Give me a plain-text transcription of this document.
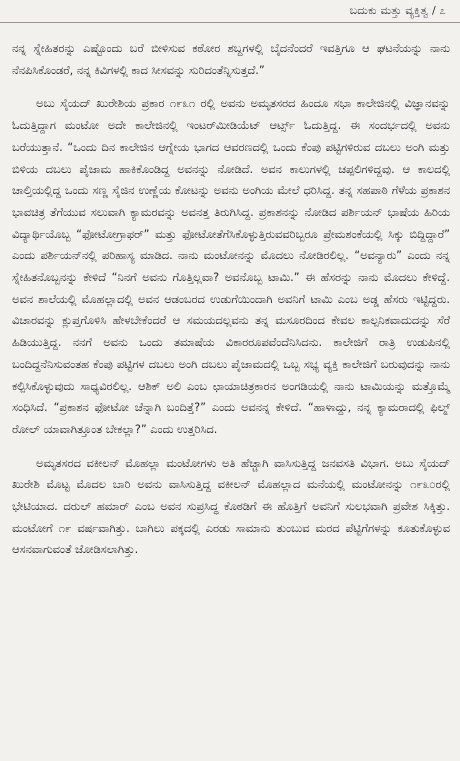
ಬದುಕು ಮತ್ತು ವ್ಯಕ್ತಿತ್ವ / ೭

ನನ್ನ ಸ್ನೇಹಿತರನ್ನು ಎಷ್ಟೊಂದು ಬರೆ ಬೀಳಿಸುವ ಕಠೋರ ಶಬ್ದಗಳಲ್ಲಿ ಬೈದನೆಂದರೆ ಇವತ್ತಿಗೂ ಆ ಘಟನೆಯನ್ನು ನಾನು ನೆನಪಿಸಿಕೊಂಡರೆ, ನನ್ನ ಕಿವಿಗಳಲ್ಲಿ ಕಾದ ಸೀಸವನ್ನು ಸುರಿದಂತೆನ್ನಿಸುತ್ತದೆ.”

ಅಬು ಸೈಯದ್ ಖುರೇಶಿಯ ಪ್ರಕಾರ ೧೯೩೧ ರಲ್ಲಿ ಅವನು ಅಮೃತಸರದ ಹಿಂದೂ ಸಭಾ ಕಾಲೇಜಿನಲ್ಲಿ ವಿಜ್ಞಾನವನ್ನು ಓದುತ್ತಿದ್ದಾಗ ಮಂಟೋ ಅದೇ ಕಾಲೇಜಿನಲ್ಲಿ ಇಂಟರ್‌ಮೀಡಿಯೆಟ್ ಆರ್ಟ್ಸ್ ಓದುತ್ತಿದ್ದ. ಈ ಸಂದರ್ಭದಲ್ಲಿ ಅವನು ಬರೆಯುತ್ತಾನೆ. “ಒಂದು ದಿನ ಕಾಲೇಜಿನ ಆಗ್ನೇಯ ಭಾಗದ ಆವರಣದಲ್ಲಿ ಒಂದು ಕೆಂಪು ಪಟ್ಟಿಗಳಿರುವ ದಬಲು ಅಂಗಿ ಮತ್ತು ಬಿಳಿಯ ದಬಲು ಪೈಜಾಮ ಹಾಕಿಕೊಂಡಿದ್ದ ಅವನನ್ನು ನೋಡಿದೆ. ಅವನ ಕಾಲುಗಳಲ್ಲಿ ಚಪ್ಪಲಿಗಳಿದ್ದವು. ಆ ಕಾಲದಲ್ಲಿ ಚಾಲ್ತಿಯಲ್ಲಿದ್ದ ಒಂದು ಸಣ್ಣ ಸೈಜಿನ ಉಣ್ಣೆಯ ಕೋಟನ್ನು ಅವನು ಅಂಗಿಯ ಮೇಲೆ ಧರಿಸಿದ್ದ. ತನ್ನ ಸಹಪಾಠಿ ಗೆಳೆಯ ಪ್ರಕಾಶನ ಭಾವಚಿತ್ರ ತೆಗೆಯುವ ಸಲುವಾಗಿ ಕ್ಯಾಮರವನ್ನು ಅವನತ್ತ ತಿರುಗಿಸಿದ್ದ. ಪ್ರಕಾಶನನ್ನು ನೋಡಿದ ಪರ್ಶಿಯನ್ ಭಾಷೆಯ ಹಿರಿಯ ವಿದ್ಯಾರ್ಥಿಯೊಬ್ಬ “ಫೋಟೋಗ್ರಾಫರ್” ಮತ್ತು ಫೋಟೋತೆಗೆಸಿಕೊಳ್ಳುತ್ತಿರುವವರಿಬ್ಬರೂ ಪ್ರೇಮಶಂಕೆಯಲ್ಲಿ ಸಿಕ್ಕು ಬಿದ್ದಿದ್ದಾರೆ” ಎಂದು ಪರ್ಶಿಯನ್‌ನಲ್ಲಿ ಪರಿಹಾಸ್ಯ ಮಾಡಿದ. ನಾನು ಮಂಟೋನನ್ನು ಮೊದಲು ನೋಡಿರಲಿಲ್ಲ. “ಅವನ್ಯಾರು” ಎಂದು ನನ್ನ ಸ್ನೇಹಿತನೊಬ್ಬನನ್ನು ಕೇಳಿದೆ “ನಿನಗೆ ಅವನು ಗೊತ್ತಿಲ್ಲವಾ? ಅವನೊಬ್ಬ ಟಾಮಿ.” ಈ ಹೆಸರನ್ನು ನಾನು ಮೊದಲು ಕೇಳಿದ್ದೆ. ಅವನ ಶಾಲೆಯಲ್ಲಿ ಮೊಹಲ್ಲಾದಲ್ಲಿ ಅವನ ಆಡಂಬರದ ಉಡುಗೆಯಿಂದಾಗಿ ಅವನಿಗೆ ಟಾಮಿ ಎಂಬ ಅಡ್ಡ ಹೆಸರು ಇಟ್ಟಿದ್ದರು. ವಿಚಾರವನ್ನು ಕ್ಲುಪ್ತಗೊಳಿಸಿ ಹೇಳಬೇಕೆಂದರೆ ಆ ಸಮಯದಲ್ಲವನು ತನ್ನ ಮಸೂರದಿಂದ ಕೇವಲ ಕಾಲ್ಪನಿಕವಾದುದನ್ನು ಸೆರೆ ಹಿಡಿಯುತ್ತಿದ್ದ. ನನಗೆ ಅವನು ಒಂದು ತಮಾಷೆಯ ವಿಕಾರರೂಪವೆಂದೆನಿಸಿದನು. ಕಾಲೇಜಿಗೆ ರಾತ್ರಿ ಉಡುಪಿನಲ್ಲಿ ಬಂದಿದ್ದನೆನಿಸುವಂತಹ ಕೆಂಪು ಪಟ್ಟಿಗಳ ದಬಲು ಅಂಗಿ ದಬಲು ಪೈಜಾಮದಲ್ಲಿ ಒಬ್ಬ ಸಭ್ಯ ವ್ಯಕ್ತಿ ಕಾಲೇಜಿಗೆ ಬರುವುದನ್ನು ನಾನು ಕಲ್ಪಿಸಿಕೊಳ್ಳುವುದು ಸಾಧ್ಯವಿರಲಿಲ್ಲ. ಆಶಿಕ್ ಅಲಿ ಎಂಬ ಛಾಯಾಚಿತ್ರಕಾರನ ಅಂಗಡಿಯಲ್ಲಿ ನಾನು ಟಾಮಿಯನ್ನು ಮತ್ತೊಮ್ಮೆ ಸಂಧಿಸಿದೆ. “ಪ್ರಕಾಶನ ಫೋಟೋ ಚೆನ್ನಾಗಿ ಬಂದಿತ್ತೆ?” ಎಂದು ಅವನನ್ನ ಕೇಳಿದೆ. “ಹಾಳಾದ್ದು, ನನ್ನ ಕ್ಯಾಮರಾದಲ್ಲಿ ಫಿಲ್ಮ್ ರೋಲ್ ಯಾವಾಗಿತ್ತೂಂತ ಬೇಕಲ್ಲಾ?” ಎಂದು ಉತ್ತರಿಸಿದ.

ಅಮೃತಸರದ ವಕೀಲನ್ ಮೊಹಲ್ಲಾ ಮಂಟೋಗಳು ಅತಿ ಹೆಚ್ಚಾಗಿ ವಾಸಿಸುತ್ತಿದ್ದ ಜನವಸತಿ ವಿಭಾಗ. ಅಬು ಸೈಯದ್ ಖುರೇಶಿ ಮೊಟ್ಟ ಮೊದಲ ಬಾರಿ ಅವನು ವಾಸಿಸುತ್ತಿದ್ದ ವಕೀಲನ್ ಮೊಹಲ್ಲಾದ ಮನೆಯಲ್ಲಿ ಮಂಟೋನನ್ನು ೧೯೩೦ರಲ್ಲಿ ಭೇಟಿಯಾದ. ದರುಲ್ ಹಮಾರ್ ಎಂಬ ಅವನ ಸುಪ್ರಸಿದ್ಧ ಕೊಠಡಿಗೆ ಈ ಹೊತ್ತಿಗೆ ಅವನಿಗೆ ಸುಲಭವಾಗಿ ಪ್ರವೇಶ ಸಿಕ್ಕಿತ್ತು. ಮಂಟೋಗೆ ೧೯ ವರ್ಷವಾಗಿತ್ತು. ಬಾಗಿಲು ಪಕ್ಕದಲ್ಲಿ ಎರಡು ಸಾಮಾನು ತುಂಬುವ ಮರದ ಪೆಟ್ಟಿಗೆಗಳನ್ನು ಕೂತುಕೊಳ್ಳುವ ಆಸನವಾಗುವಂತೆ ಜೋಡಿಸಲಾಗಿತ್ತು.
